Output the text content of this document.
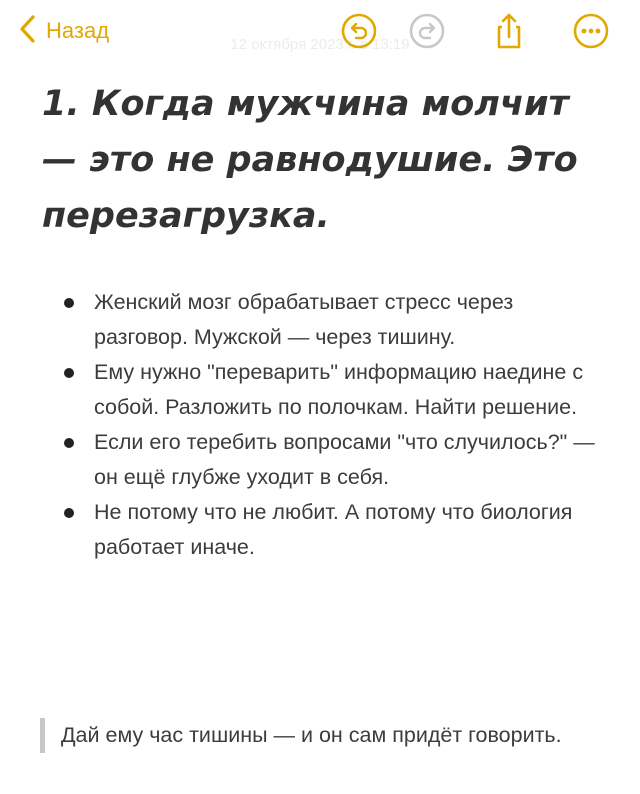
Назад
12 октября 2023 г. в 13:19
1. Когда мужчина молчит — это не равнодушие. Это перезагрузка.
Женский мозг обрабатывает стресс через разговор. Мужской — через тишину.
Ему нужно "переварить" информацию наедине с собой. Разложить по полочкам. Найти решение.
Если его теребить вопросами "что случилось?" — он ещё глубже уходит в себя.
Не потому что не любит. А потому что биология работает иначе.
Дай ему час тишины — и он сам придёт говорить.
